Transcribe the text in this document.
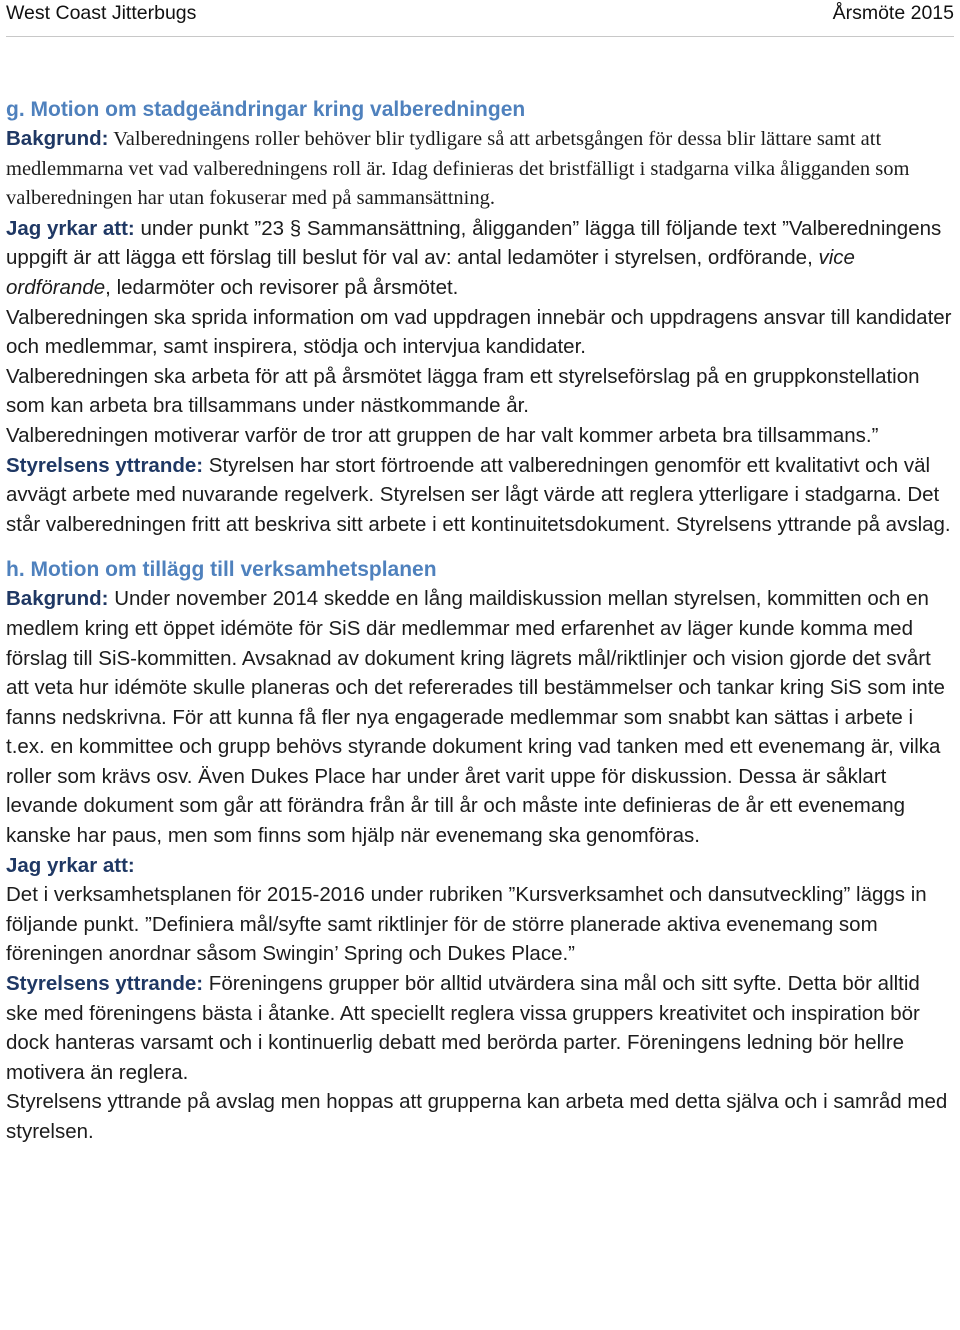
West Coast Jitterbugs	Årsmöte 2015
g. Motion om stadgeändringar kring valberedningen

Bakgrund: Valberedningens roller behöver blir tydligare så att arbetsgången för dessa blir lättare samt att medlemmarna vet vad valberedningens roll är. Idag definieras det bristfälligt i stadgarna vilka åligganden som valberedningen har utan fokuserar med på sammansättning.

Jag yrkar att: under punkt ”23 § Sammansättning, åligganden” lägga till följande text ”Valberedningens uppgift är att lägga ett förslag till beslut för val av: antal ledamöter i styrelsen, ordförande, vice ordförande, ledarmöter och revisorer på årsmötet.

Valberedningen ska sprida information om vad uppdragen innebär och uppdragens ansvar till kandidater och medlemmar, samt inspirera, stödja och intervjua kandidater.

Valberedningen ska arbeta för att på årsmötet lägga fram ett styrelseförslag på en gruppkonstellation som kan arbeta bra tillsammans under nästkommande år.

Valberedningen motiverar varför de tror att gruppen de har valt kommer arbeta bra tillsammans.”

Styrelsens yttrande: Styrelsen har stort förtroende att valberedningen genomför ett kvalitativt och väl avvägt arbete med nuvarande regelverk. Styrelsen ser lågt värde att reglera ytterligare i stadgarna. Det står valberedningen fritt att beskriva sitt arbete i ett kontinuitetsdokument. Styrelsens yttrande på avslag.

h. Motion om tillägg till verksamhetsplanen

Bakgrund: Under november 2014 skedde en lång maildiskussion mellan styrelsen, kommitten och en medlem kring ett öppet idémöte för SiS där medlemmar med erfarenhet av läger kunde komma med förslag till SiS-kommitten. Avsaknad av dokument kring lägrets mål/riktlinjer och vision gjorde det svårt att veta hur idémöte skulle planeras och det refererades till bestämmelser och tankar kring SiS som inte fanns nedskrivna. För att kunna få fler nya engagerade medlemmar som snabbt kan sättas i arbete i t.ex. en kommittee och grupp behövs styrande dokument kring vad tanken med ett evenemang är, vilka roller som krävs osv. Även Dukes Place har under året varit uppe för diskussion. Dessa är såklart levande dokument som går att förändra från år till år och måste inte definieras de år ett evenemang kanske har paus, men som finns som hjälp när evenemang ska genomföras.

Jag yrkar att:

Det i verksamhetsplanen för 2015-2016 under rubriken ”Kursverksamhet och dansutveckling” läggs in följande punkt. ”Definiera mål/syfte samt riktlinjer för de större planerade aktiva evenemang som föreningen anordnar såsom Swingin’ Spring och Dukes Place.”

Styrelsens yttrande: Föreningens grupper bör alltid utvärdera sina mål och sitt syfte. Detta bör alltid ske med föreningens bästa i åtanke. Att speciellt reglera vissa gruppers kreativitet och inspiration bör dock hanteras varsamt och i kontinuerlig debatt med berörda parter. Föreningens ledning bör hellre motivera än reglera.

Styrelsens yttrande på avslag men hoppas att grupperna kan arbeta med detta själva och i samråd med styrelsen.
